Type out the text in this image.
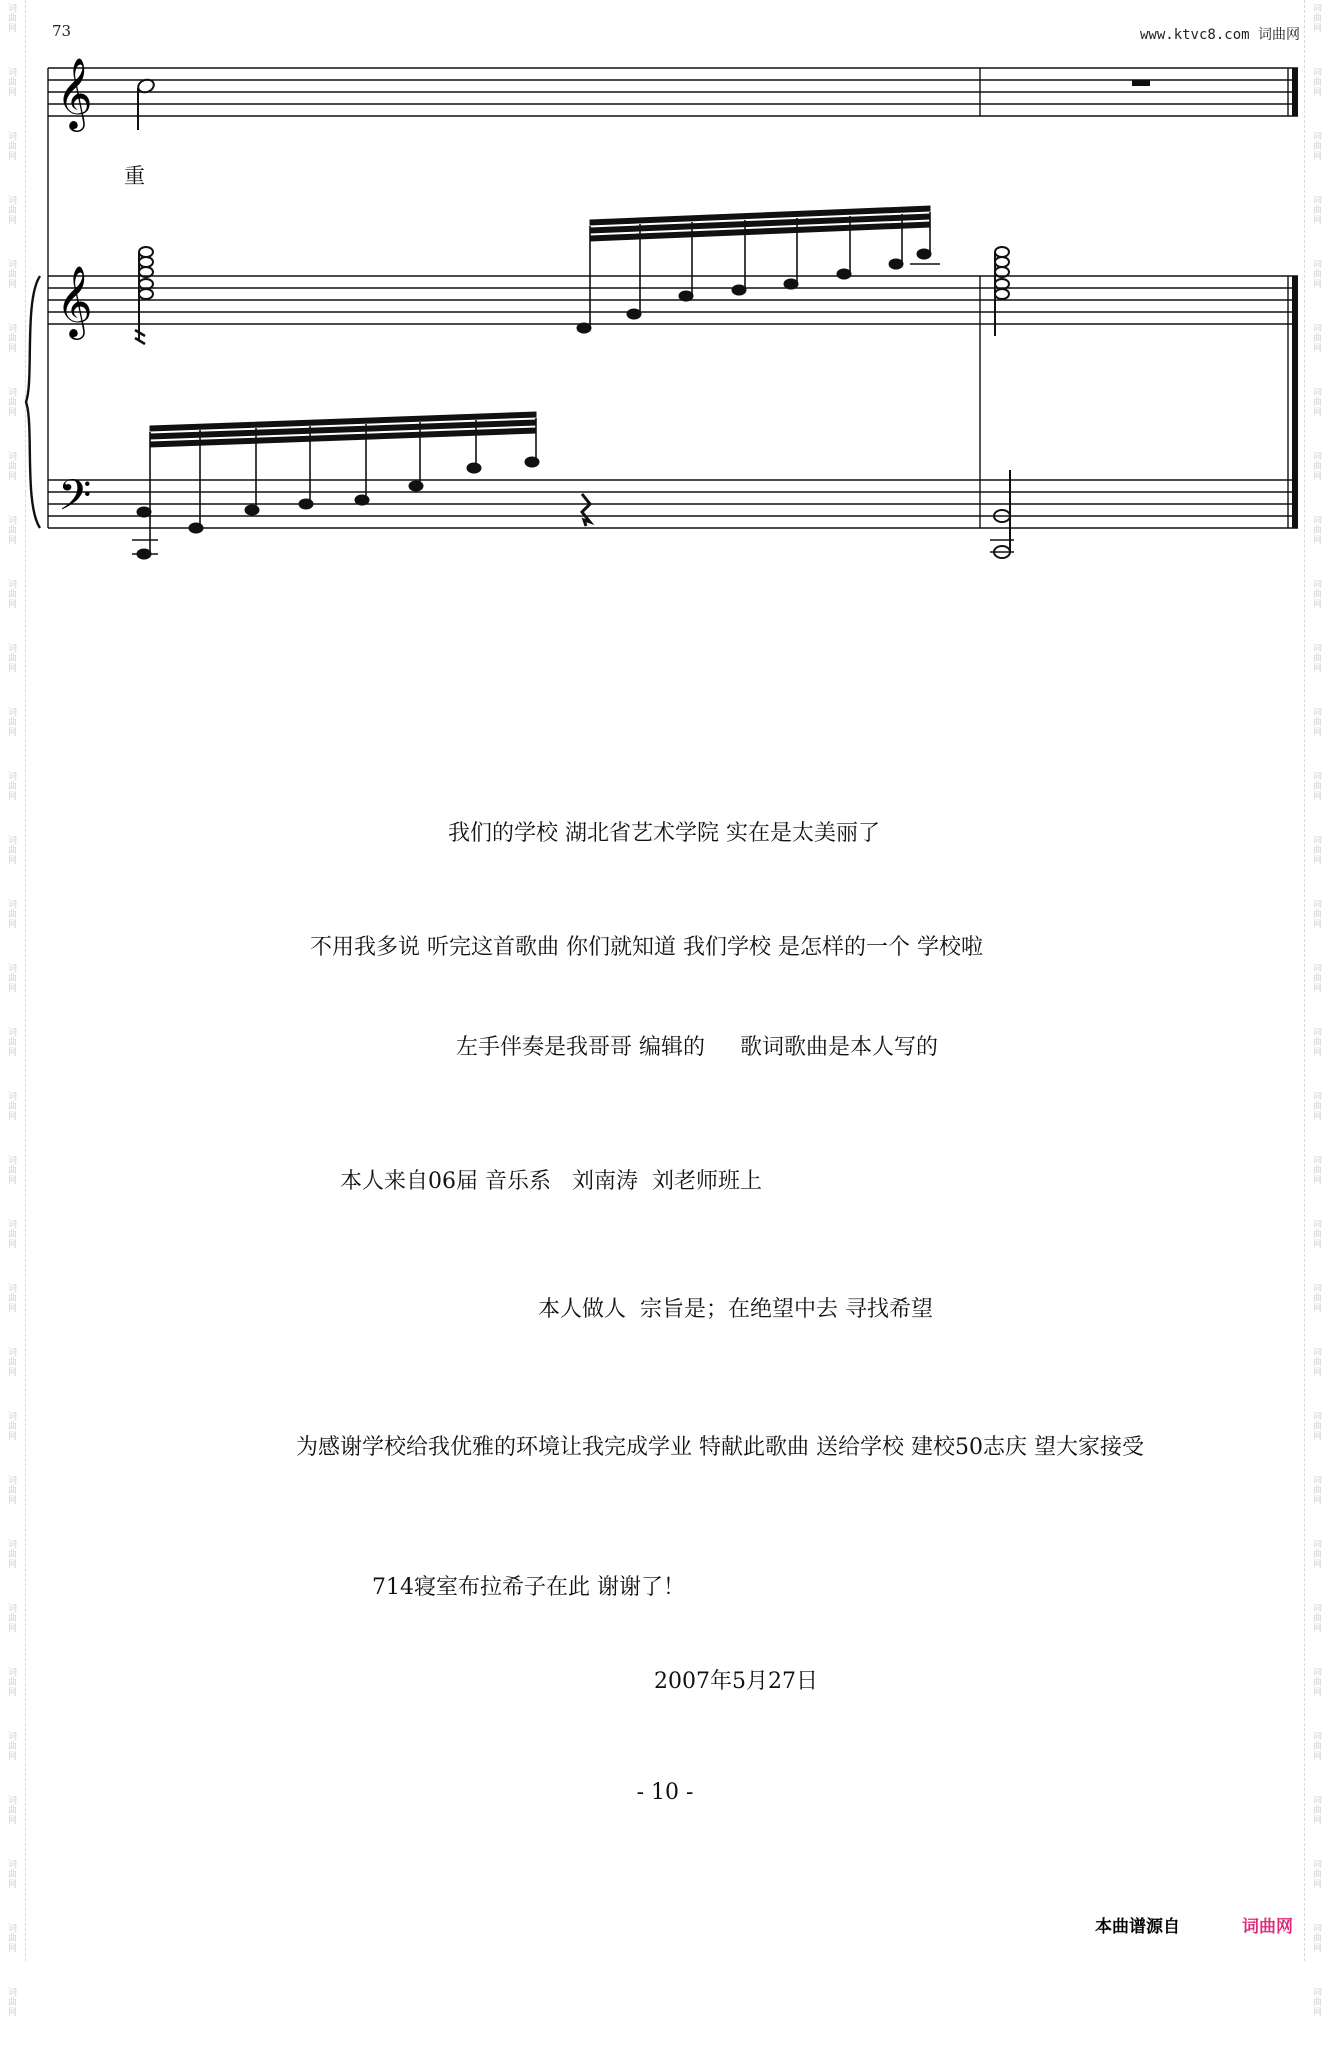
词
曲
网
词
曲
网
词
曲
网
词
曲
网
词
曲
网
词
曲
网
词
曲
网
词
曲
网
词
曲
网
词
曲
网
词
曲
网
词
曲
网
词
曲
网
词
曲
网
词
曲
网
词
曲
网
词
曲
网
词
曲
网
词
曲
网
词
曲
网
词
曲
网
词
曲
网
词
曲
网
词
曲
网
词
曲
网
词
曲
网
词
曲
网
词
曲
网
词
曲
网
词
曲
网
词
曲
网
词
曲
网
词
曲
网
词
曲
网
词
曲
网
词
曲
网
词
曲
网
词
曲
网
词
曲
网
词
曲
网
词
曲
网
词
曲
网
词
曲
网
词
曲
网
词
曲
网
词
曲
网
词
曲
网
词
曲
网
词
曲
网
词
曲
网
词
曲
网
词
曲
网
词
曲
网
词
曲
网
词
曲
网
词
曲
网
词
曲
网
词
曲
网
词
曲
网
词
曲
网
词
曲
网
词
曲
网
词
曲
网
词
曲
网
73	www.ktvc8.com 词曲网
𝄞
𝄞
𝄢
重
我们的学校 湖北省艺术学院 实在是太美丽了
不用我多说 听完这首歌曲 你们就知道 我们学校 是怎样的一个 学校啦
左手伴奏是我哥哥 编辑的     歌词歌曲是本人写的
本人来自06届 音乐系   刘南涛  刘老师班上
本人做人  宗旨是；在绝望中去 寻找希望
为感谢学校给我优雅的环境让我完成学业 特献此歌曲 送给学校 建校50志庆 望大家接受
714寝室布拉希子在此 谢谢了！
2007年5月27日
- 10 -
本曲谱源自	词曲网
